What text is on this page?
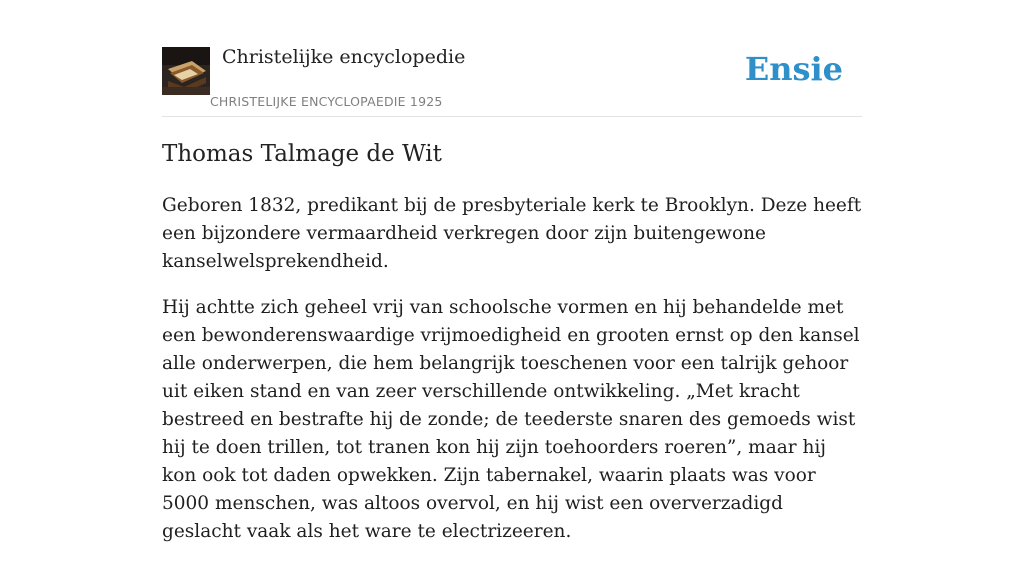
Christelijke encyclopedie
CHRISTELIJKE ENCYCLOPAEDIE 1925
Ensie
Thomas Talmage de Wit

Geboren 1832, predikant bij de presbyteriale kerk te Brooklyn. Deze heeft een bijzondere vermaardheid verkregen door zijn buitengewone kanselwelsprekendheid.

Hij achtte zich geheel vrij van schoolsche vormen en hij behandelde met een bewonderenswaardige vrijmoedigheid en grooten ernst op den kansel alle onderwerpen, die hem belangrijk toeschenen voor een talrijk gehoor uit eiken stand en van zeer verschillende ontwikkeling. „Met kracht bestreed en bestrafte hij de zonde; de teederste snaren des gemoeds wist hij te doen trillen, tot tranen kon hij zijn toehoorders roeren”, maar hij kon ook tot daden opwekken. Zijn tabernakel, waarin plaats was voor 5000 menschen, was altoos overvol, en hij wist een oververzadigd geslacht vaak als het ware te electrizeeren.
